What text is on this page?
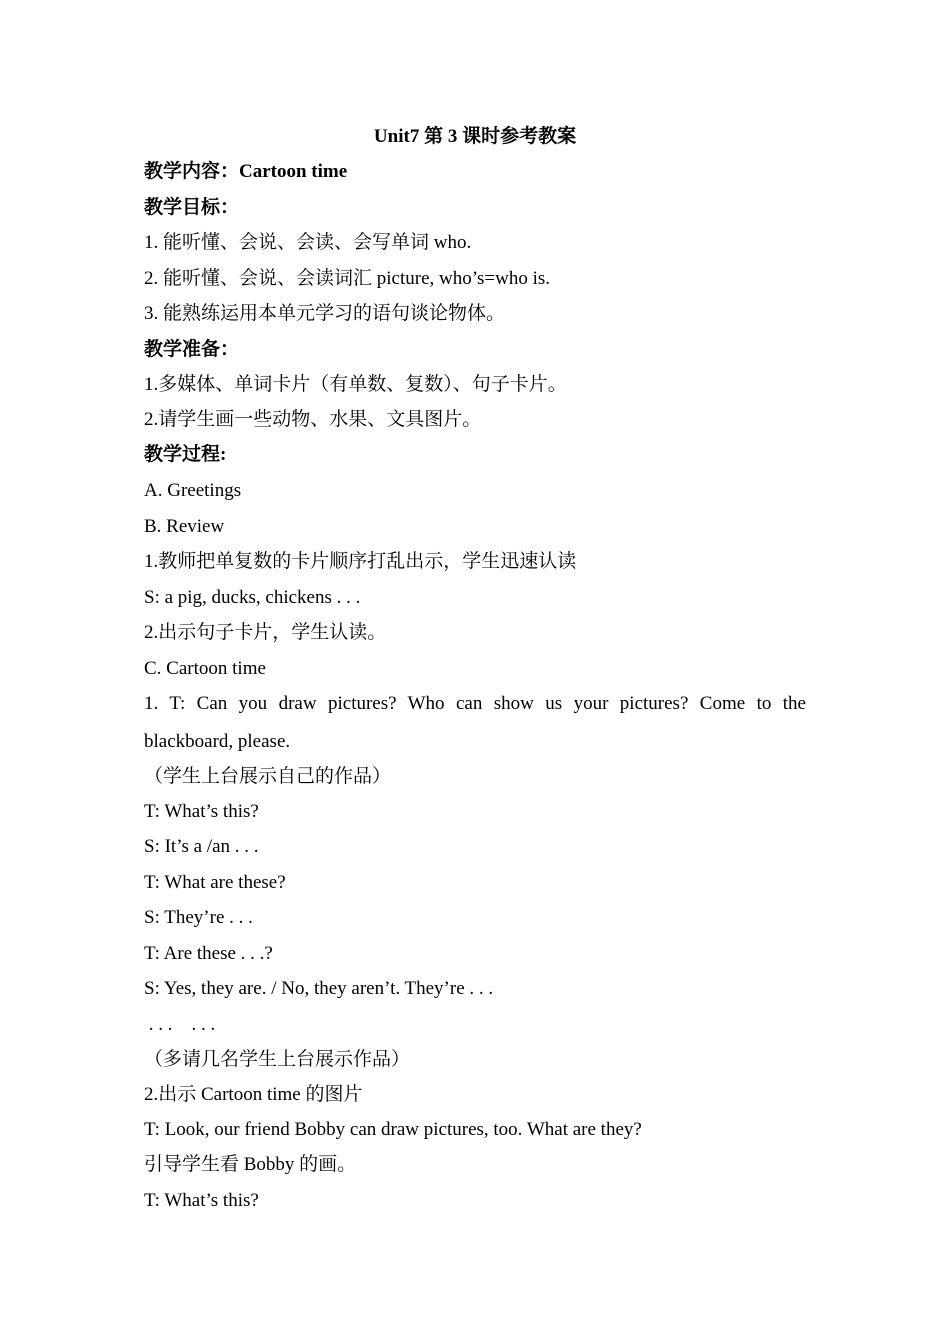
Unit7 第 3 课时参考教案
教学内容：Cartoon time
教学目标：
1. 能听懂、会说、会读、会写单词 who.
2. 能听懂、会说、会读词汇 picture, who’s=who is.
3. 能熟练运用本单元学习的语句谈论物体。
教学准备：
1.多媒体、单词卡片（有单数、复数）、句子卡片。
2.请学生画一些动物、水果、文具图片。
教学过程:
A. Greetings
B. Review
1.教师把单复数的卡片顺序打乱出示，学生迅速认读
S: a pig, ducks, chickens . . .
2.出示句子卡片，学生认读。
C. Cartoon time
1. T: Can you draw pictures? Who can show us your pictures? Come to the
blackboard, please.
（学生上台展示自己的作品）
T: What’s this?
S: It’s a /an . . .
T: What are these?
S: They’re . . .
T: Are these . . .?
S: Yes, they are. / No, they aren’t. They’re . . .
. . .    . . .
（多请几名学生上台展示作品）
2.出示 Cartoon time 的图片
T: Look, our friend Bobby can draw pictures, too. What are they?
引导学生看 Bobby 的画。
T: What’s this?
